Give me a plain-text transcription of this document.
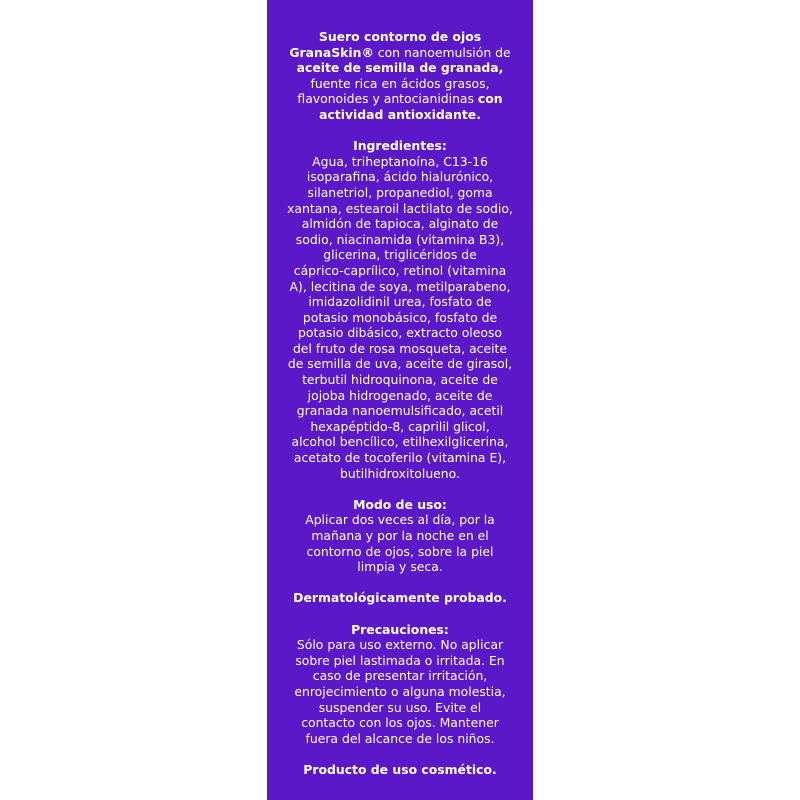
Suero contorno de ojos
GranaSkin® con nanoemulsión de
aceite de semilla de granada,
fuente rica en ácidos grasos,
flavonoides y antocianidinas con
actividad antioxidante.
Ingredientes:
Agua, triheptanoína, C13-16
isoparafina, ácido hialurónico,
silanetriol, propanediol, goma
xantana, estearoil lactilato de sodio,
almidón de tapioca, alginato de
sodio, niacinamida (vitamina B3),
glicerina, triglicéridos de
cáprico-caprílico, retinol (vitamina
A), lecitina de soya, metilparabeno,
imidazolidinil urea, fosfato de
potasio monobásico, fosfato de
potasio dibásico, extracto oleoso
del fruto de rosa mosqueta, aceite
de semilla de uva, aceite de girasol,
terbutil hidroquinona, aceite de
jojoba hidrogenado, aceite de
granada nanoemulsificado, acetil
hexapéptido-8, caprilil glicol,
alcohol bencílico, etilhexilglicerina,
acetato de tocoferilo (vitamina E),
butilhidroxitolueno.
Modo de uso:
Aplicar dos veces al día, por la
mañana y por la noche en el
contorno de ojos, sobre la piel
limpia y seca.
Dermatológicamente probado.
Precauciones:
Sólo para uso externo. No aplicar
sobre piel lastimada o irritada. En
caso de presentar irritación,
enrojecimiento o alguna molestia,
suspender su uso. Evite el
contacto con los ojos. Mantener
fuera del alcance de los niños.
Producto de uso cosmético.
